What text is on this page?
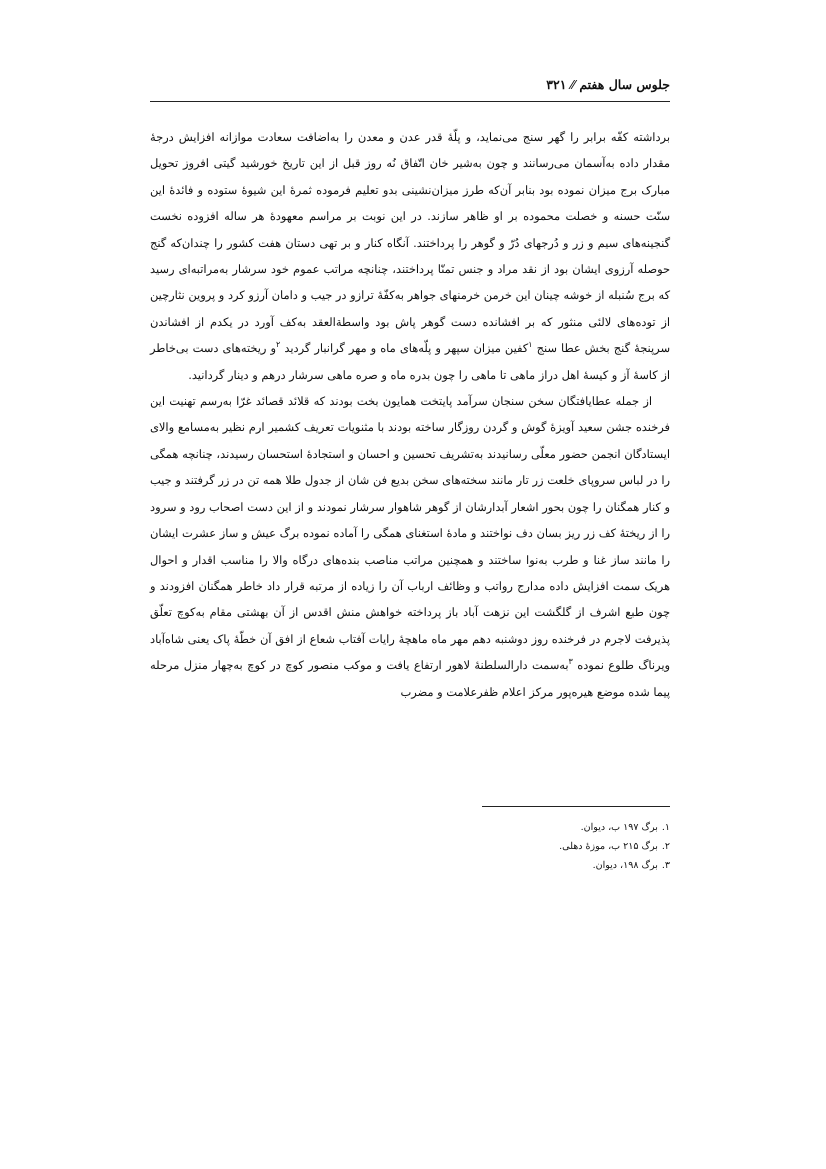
جلوس سال هفتم ⁄⁄ ۳۲۱

برداشته کفّه برابر را گهر سنج می‌نماید، و پلّهٔ قدر عدن و معدن را به‌اضافت سعادت موازانه افزایش درجهٔ مقدار داده به‌آسمان می‌رسانند و چون به‌شیر خان اتّفاق نُه روز قبل از این تاریخ خورشید گیتی افروز تحویل مبارک برج میزان نموده بود بنابر آن‌که طرز میزان‌نشینی بدو تعلیم فرموده ثمرهٔ این شیوهٔ ستوده و فائدهٔ این سنّت حسنه و خصلت محموده بر او ظاهر سازند. در این نوبت بر مراسم معهودهٔ هر ساله افزوده نخست گنجینه‌های سیم و زر و دُرجهای دُرّ و گوهر را پرداختند. آنگاه کنار و بر تهی دستان هفت کشور را چندان‌که گنج حوصله آرزوی ایشان بود از نقد مراد و جنس تمنّا پرداختند، چنانچه مراتب عموم خود سرشار به‌مراتبه‌ای رسید که برج سُنبله از خوشه چینان این خرمن خرمنهای جواهر به‌کفّهٔ ترازو در جیب و دامان آرزو کرد و پروین نثارچین از توده‌های لالئی منثور که بر افشانده دست گوهر پاش بود واسطةالعقد به‌کف آورد در یکدم از افشاندن سرپنجهٔ گنج بخش عطا سنج $^۱$کفین میزان سپهر و پلّه‌های ماه و مهر گرانبار گردید $^۲$و ریخته‌های دست بی‌خاطر از کاسهٔ آز و کیسهٔ اهل دراز ماهی تا ماهی را چون بدره ماه و صره ماهی سرشار درهم و دینار گردانید.

از جمله عطایافتگان سخن سنجان سرآمد پایتخت همایون بخت بودند که قلائد قصائد غرّا به‌رسم تهنیت این فرخنده جشن سعید آویزهٔ گوش و گردن روزگار ساخته بودند با مثنویات تعریف کشمیر ارم نظیر به‌مسامع والای ایستادگان انجمن حضور معلّی رسانیدند به‌تشریف تحسین و احسان و استجادهٔ استحسان رسیدند، چنانچه همگی را در لباس سروپای خلعت زر تار مانند سخته‌های سخن بدیع فن شان از جدول طلا همه تن در زر گرفتند و جیب و کنار همگنان را چون بحور اشعار آبدارشان از گوهر شاهوار سرشار نمودند و از این دست اصحاب رود و سرود را از ریختهٔ کف زر ریز بسان دف نواختند و مادهٔ استغنای همگی را آماده نموده برگ عیش و ساز عشرت ایشان را مانند ساز غنا و طرب به‌نوا ساختند و همچنین مراتب مناصب بنده‌های درگاه والا را مناسب اقدار و احوال هریک سمت افزایش داده مدارج رواتب و وظائف ارباب آن را زیاده از مرتبه قرار داد خاطر همگنان افزودند و چون طبع اشرف از گلگشت این نزهت آباد باز پرداخته خواهش منش اقدس از آن بهشتی مقام به‌کوچ تعلّق پذیرفت لاجرم در فرخنده روز دوشنبه دهم مهر ماه ماهچهٔ رایات آفتاب شعاع از افق آن خطّهٔ پاک یعنی شاه‌آباد ویرناگ طلوع نموده $^۳$به‌سمت دارالسلطنهٔ لاهور ارتفاع یافت و موکب منصور کوچ در کوچ به‌چهار منزل مرحله پیما شده موضع هیره‌پور مرکز اعلام ظفرعلامت و مضرب

۱.برگ ۱۹۷ ب، دیوان.
۲.برگ ۲۱۵ ب، موزهٔ دهلی.
۳.برگ ۱۹۸، دیوان.
